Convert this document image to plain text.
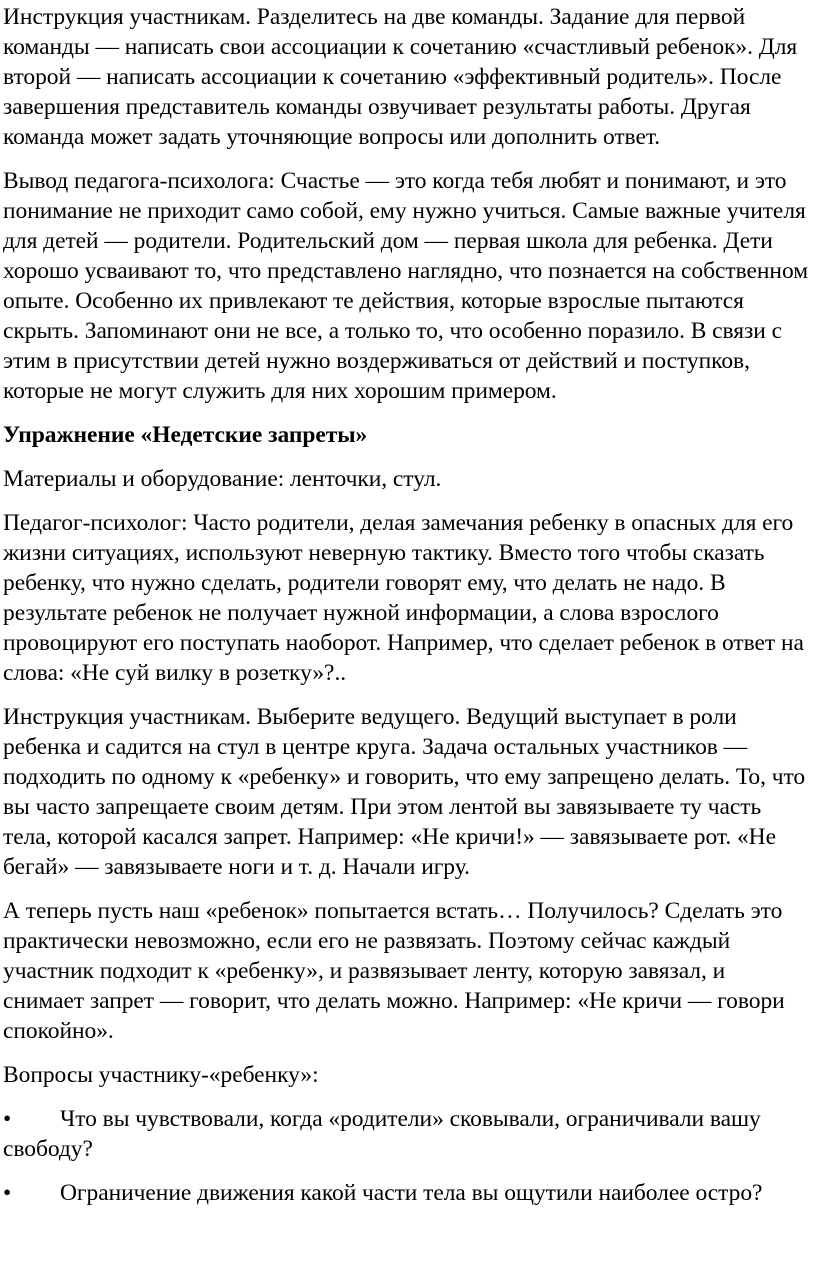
Инструкция участникам. Разделитесь на две команды. Задание для первой команды — написать свои ассоциации к сочетанию «счастливый ребенок». Для второй — написать ассоциации к сочетанию «эффективный родитель». После завершения представитель команды озвучивает результаты работы. Другая команда может задать уточняющие вопросы или дополнить ответ.

Вывод педагога-психолога: Счастье — это когда тебя любят и понимают, и это понимание не приходит само собой, ему нужно учиться. Самые важные учителя для детей — родители. Родительский дом — первая школа для ребенка. Дети хорошо усваивают то, что представлено наглядно, что познается на собственном опыте. Особенно их привлекают те действия, которые взрослые пытаются скрыть. Запоминают они не все, а только то, что особенно поразило. В связи с этим в присутствии детей нужно воздерживаться от действий и поступков, которые не могут служить для них хорошим примером.

Упражнение «Недетские запреты»

Материалы и оборудование: ленточки, стул.

Педагог-психолог: Часто родители, делая замечания ребенку в опасных для его жизни ситуациях, используют неверную тактику. Вместо того чтобы сказать ребенку, что нужно сделать, родители говорят ему, что делать не надо. В результате ребенок не получает нужной информации, а слова взрослого провоцируют его поступать наоборот. Например, что сделает ребенок в ответ на слова: «Не суй вилку в розетку»?..

Инструкция участникам. Выберите ведущего. Ведущий выступает в роли ребенка и садится на стул в центре круга. Задача остальных участников — подходить по одному к «ребенку» и говорить, что ему запрещено делать. То, что вы часто запрещаете своим детям. При этом лентой вы завязываете ту часть тела, которой касался запрет. Например: «Не кричи!» — завязываете рот. «Не бегай» — завязываете ноги и т. д. Начали игру.

А теперь пусть наш «ребенок» попытается встать… Получилось? Сделать это практически невозможно, если его не развязать. Поэтому сейчас каждый участник подходит к «ребенку», и развязывает ленту, которую завязал, и снимает запрет — говорит, что делать можно. Например: «Не кричи — говори спокойно».

Вопросы участнику-«ребенку»:

• Что вы чувствовали, когда «родители» сковывали, ограничивали вашу свободу?

• Ограничение движения какой части тела вы ощутили наиболее остро?
